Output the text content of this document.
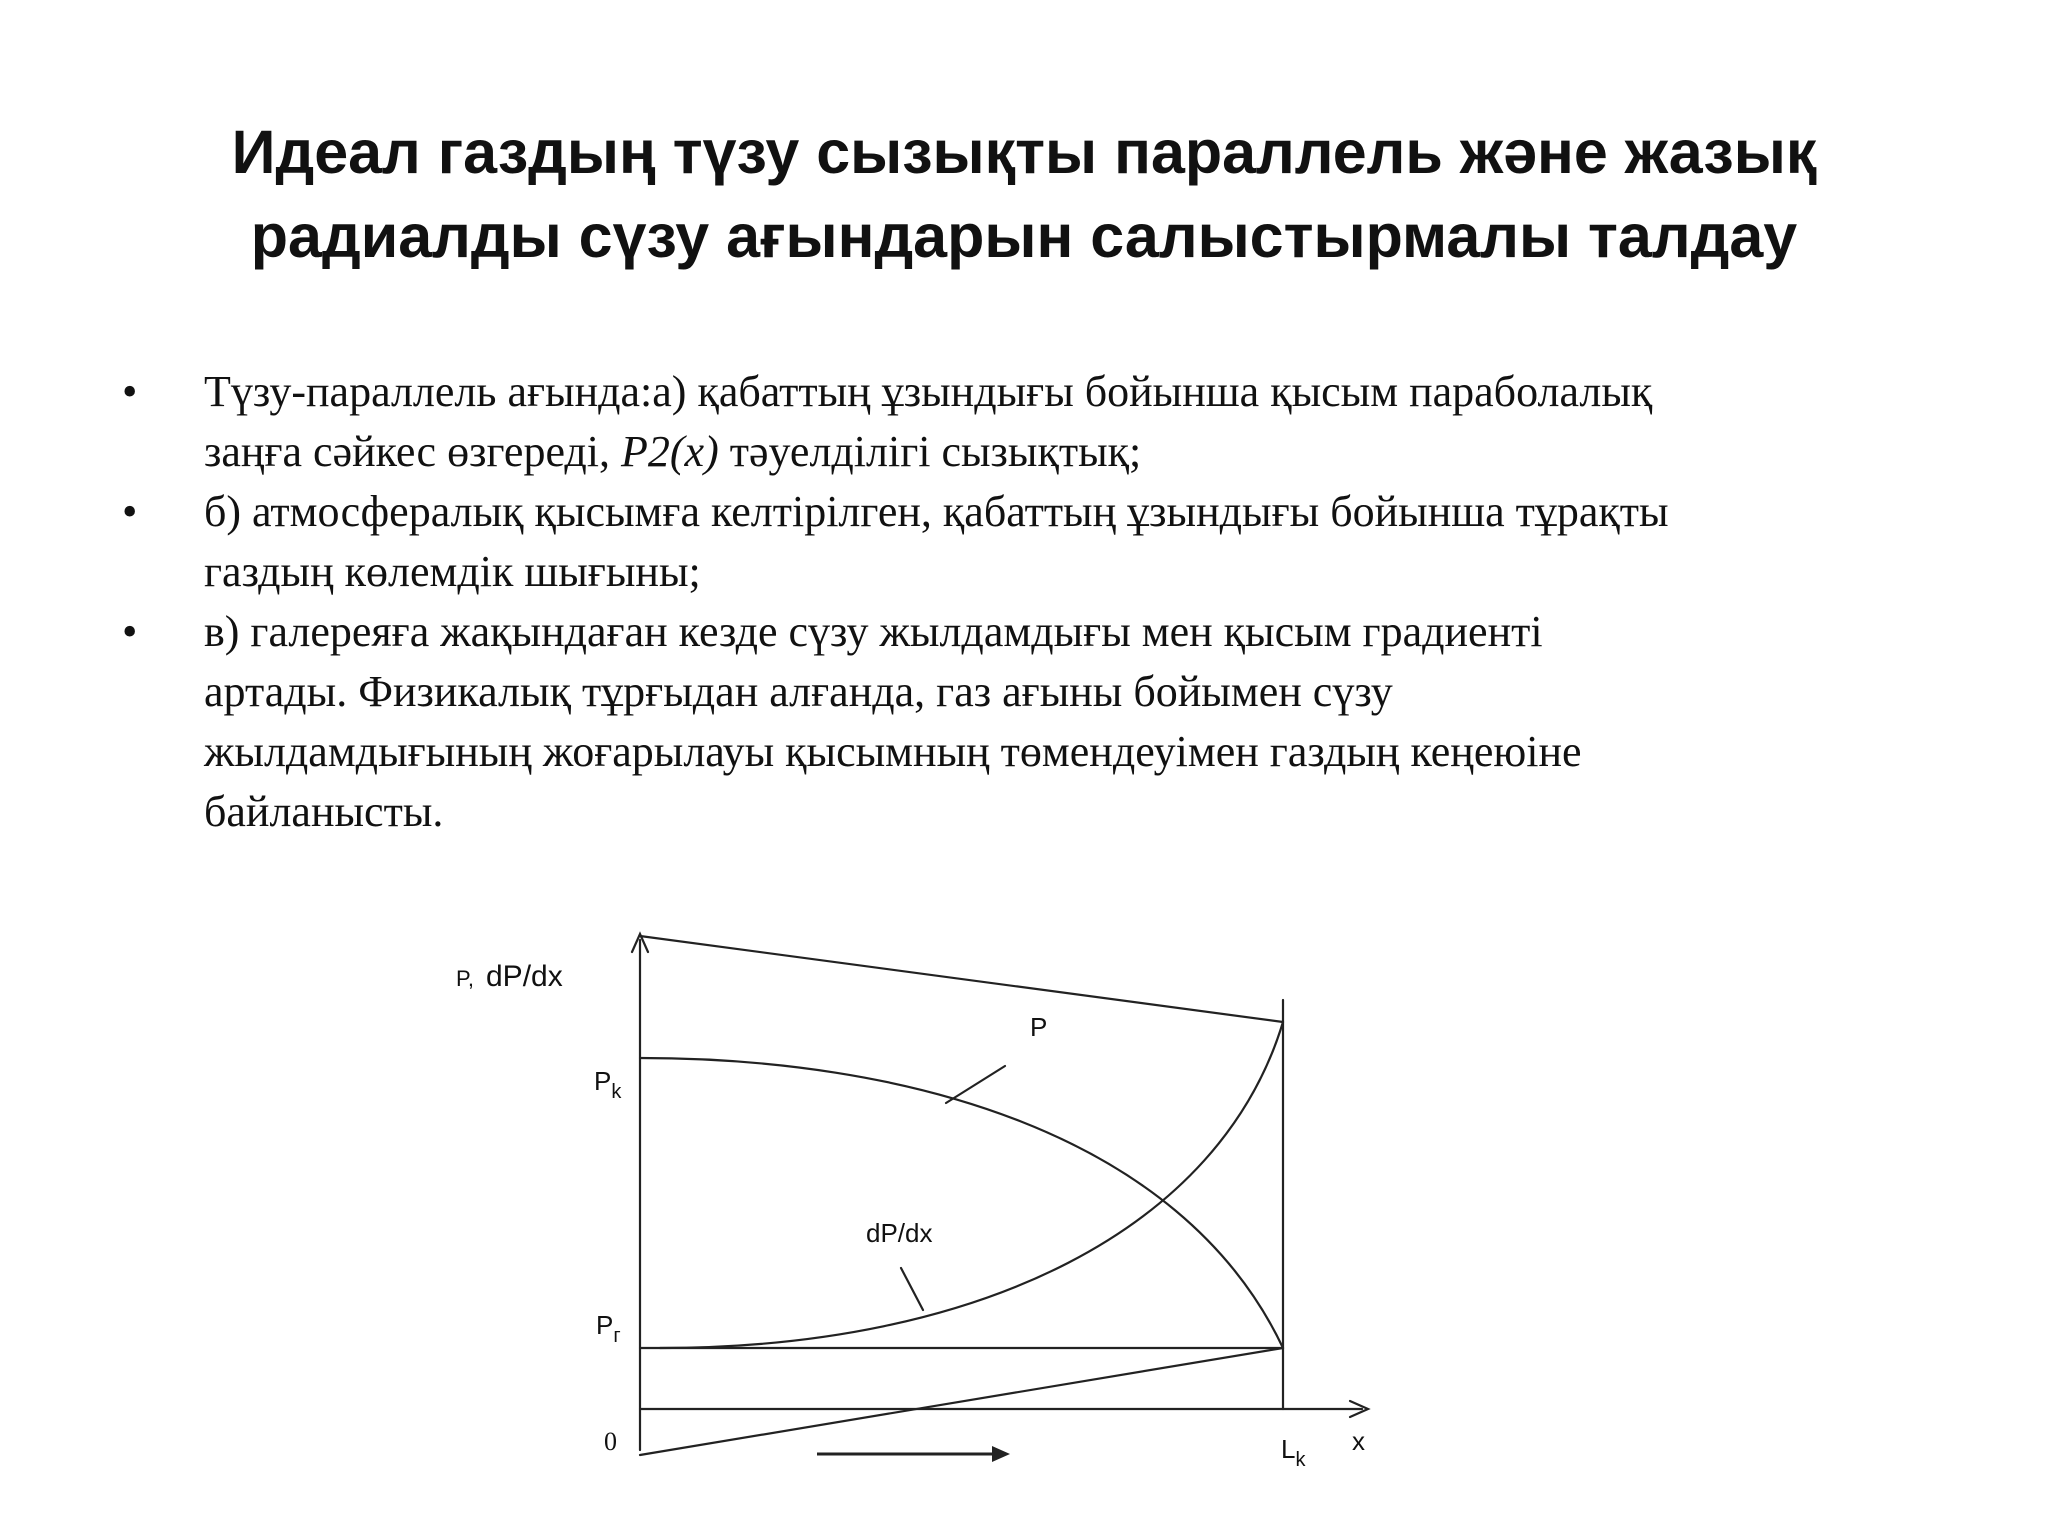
Идеал газдың түзу сызықты параллель және жазық
радиалды сүзу ағындарын салыстырмалы талдау
• Түзу-параллель ағында:а) қабаттың ұзындығы бойынша қысым параболалық
заңға сәйкес өзгереді, P2(x) тәуелділігі сызықтық;
• б) атмосфералық қысымға келтірілген, қабаттың ұзындығы бойынша тұрақты
газдың көлемдік шығыны;
• в) галереяға жақындаған кезде сүзу жылдамдығы мен қысым градиенті
артады. Физикалық тұрғыдан алғанда, газ ағыны бойымен сүзу
жылдамдығының жоғарылауы қысымның төмендеуімен газдың кеңеюіне
байланысты.
P, dP/dx
$P_k$
$P_г$
0	$L_k$
x
P
dP/dx
